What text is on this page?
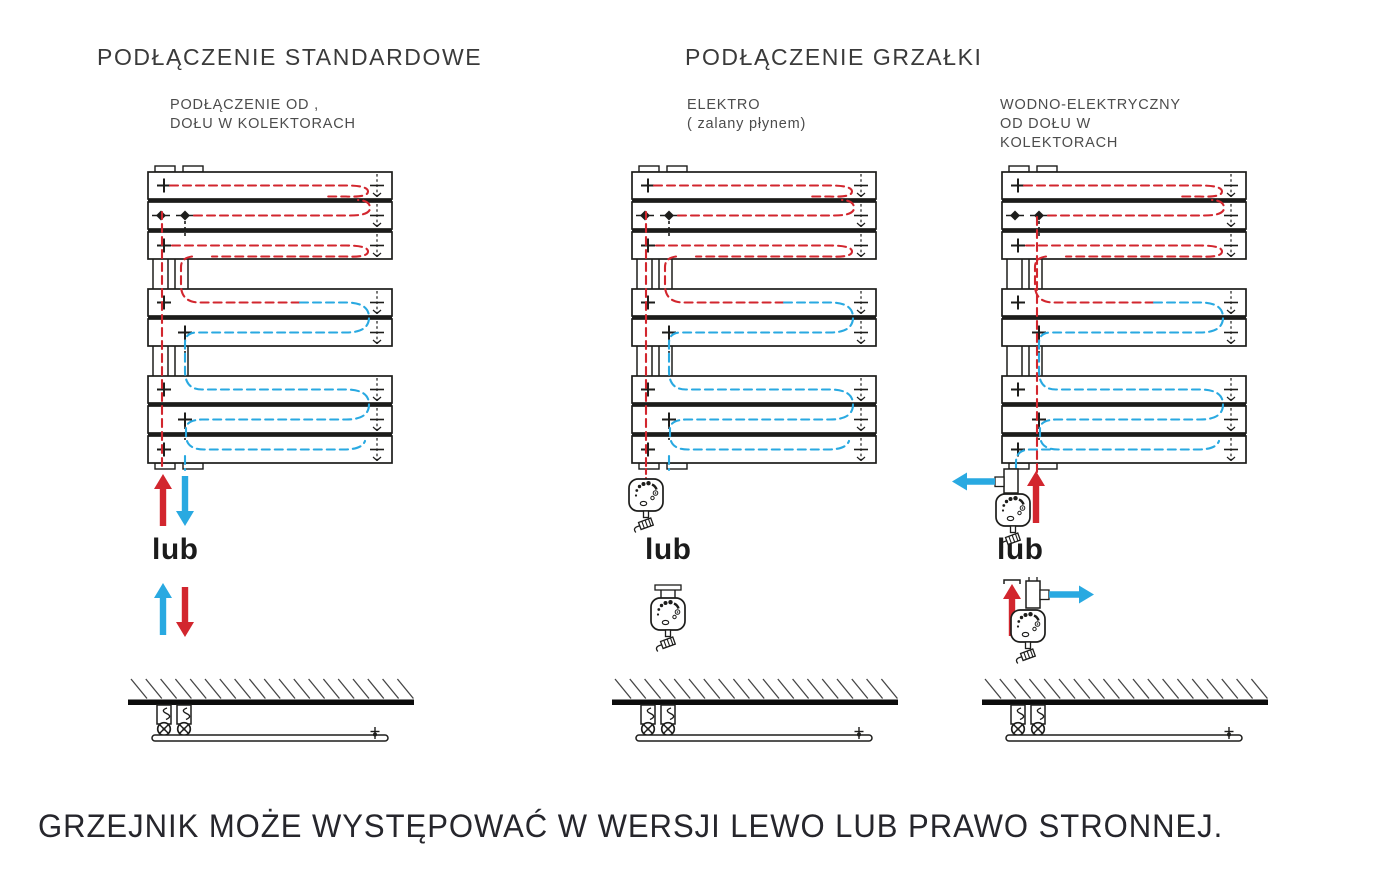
PODŁĄCZENIE STANDARDOWE	PODŁĄCZENIE GRZAŁKI
PODŁĄCZENIE OD ,
DOŁU W KOLEKTORACH
ELEKTRO
( zalany płynem)
WODNO-ELEKTRYCZNY
OD DOŁU W
KOLEKTORACH
lub	lub	lub
GRZEJNIK MOŻE WYSTĘPOWAĆ W WERSJI LEWO LUB PRAWO STRONNEJ.
